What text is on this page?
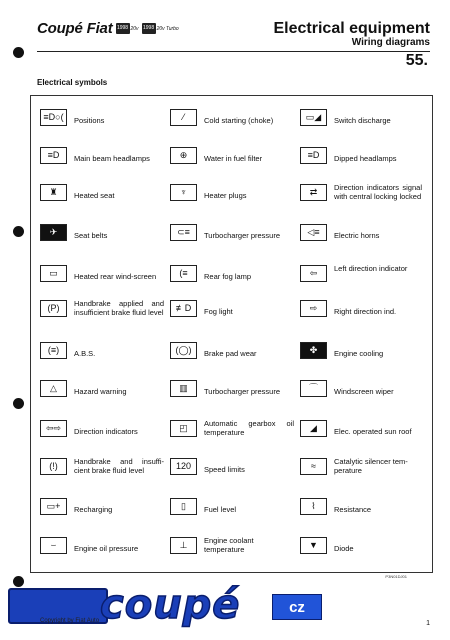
Coupé Fiat 1998 20v 1998 20v Turbo	Electrical equipment
Wiring diagrams
55.
Electrical symbols
≡D○(	Positions	⁄	Cold starting (choke)	▭◢	Switch discharge
≡D	Main beam headlamps	⊕	Water in fuel filter	≡D	Dipped headlamps
♜	Heated seat	♆	Heater plugs	⇄	Direction indicators signal with central locking locked
✈	Seat belts	⊂≡	Turbocharger pressure	◁≡	Electric horns
▭	Heated rear wind-screen	(≡	Rear fog lamp	⇦	Left direction indicator
(P)	Handbrake applied and insufficient brake fluid level	≢D	Fog light	⇨	Right direction ind.
(≡)	A.B.S.	(◯)	Brake pad wear	✤	Engine cooling
△	Hazard warning	▥	Turbocharger pressure	⌒	Windscreen wiper
⇦⇨	Direction indicators	◰	Automatic gearbox oil temperature	◢	Elec. operated sun roof
(!)	Handbrake and insuffi-cient brake fluid level	120	Speed limits	≈	Catalytic silencer tem-perature
▭+	Recharging	▯	Fuel level	⌇	Resistance
⌣	Engine oil pressure	⊥	Engine coolant temperature	▼	Diode
P3N01DJ01
coupé	cz
Copyright by Fiat Auto	1
